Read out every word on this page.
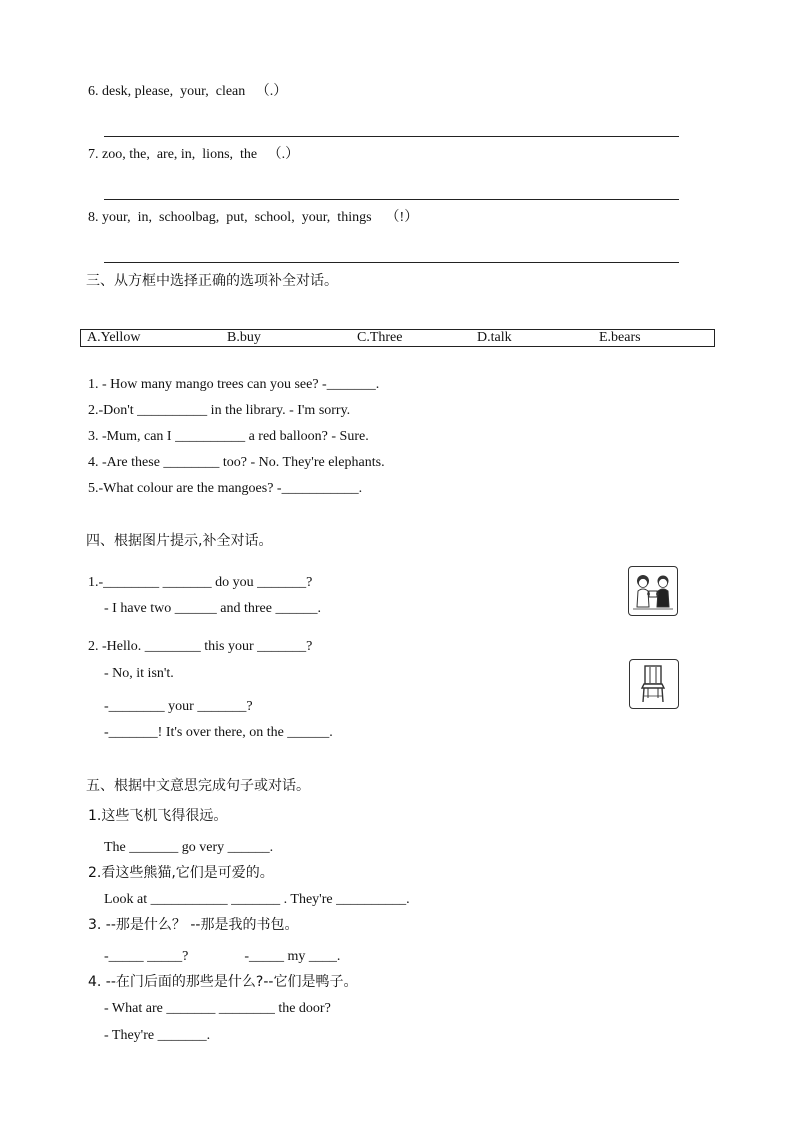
6. desk, please,  your,  clean   （.）
7. zoo, the,  are, in,  lions,  the   （.）
8. your,  in,  schoolbag,  put,  school,  your,  things    （!）
三、从方框中选择正确的选项补全对话。
A.Yellow	B.buy	C.Three	D.talk	E.bears
1. - How many mango trees can you see? -_______.
2.-Don't __________ in the library. - I'm sorry.
3. -Mum, can I __________ a red balloon? - Sure.
4. -Are these ________ too? - No. They're elephants.
5.-What colour are the mangoes? -___________.
四、根据图片提示,补全对话。
1.-________ _______ do you _______?
- I have two ______ and three ______.
2. -Hello. ________ this your _______?
- No, it isn't.
-________ your _______?
-_______! It's over there, on the ______.
五、根据中文意思完成句子或对话。
1.这些飞机飞得很远。
The _______ go very ______.
2.看这些熊猫,它们是可爱的。
Look at ___________ _______ . They're __________.
3. --那是什么？ --那是我的书包。
-_____ _____?                -_____ my ____.
4. --在门后面的那些是什么?--它们是鸭子。
- What are _______ ________ the door?
- They're _______.
